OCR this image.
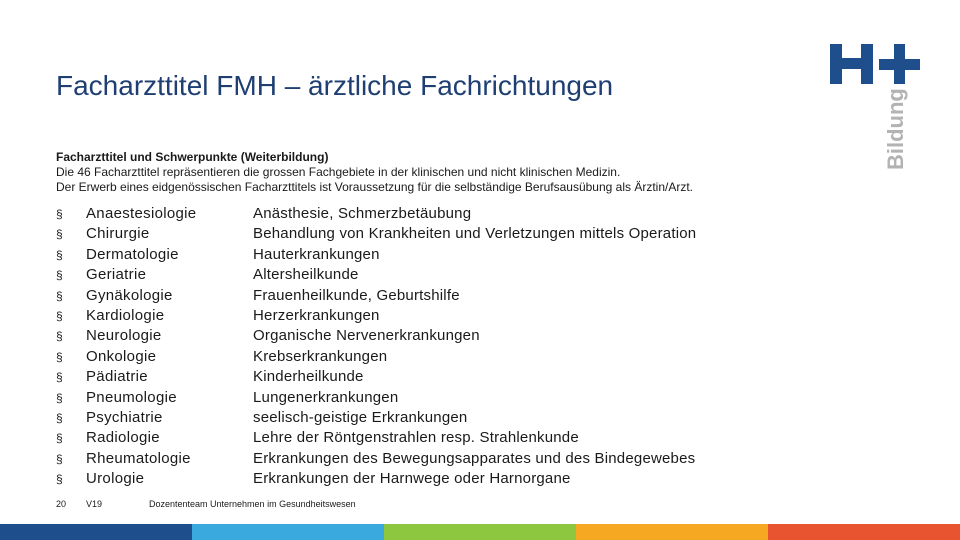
Facharzttitel FMH – ärztliche Fachrichtungen
Bildung
Facharzttitel und Schwerpunkte (Weiterbildung)
Die 46 Facharzttitel repräsentieren die grossen Fachgebiete in der klinischen und nicht klinischen Medizin.
Der Erwerb eines eidgenössischen Facharzttitels ist Voraussetzung für die selbständige Berufsausübung als Ärztin/Arzt.
§	Anaestesiologie	Anästhesie, Schmerzbetäubung
§	Chirurgie	Behandlung von Krankheiten und Verletzungen mittels Operation
§	Dermatologie	Hauterkrankungen
§	Geriatrie	Altersheilkunde
§	Gynäkologie	Frauenheilkunde, Geburtshilfe
§	Kardiologie	Herzerkrankungen
§	Neurologie	Organische Nervenerkrankungen
§	Onkologie	Krebserkrankungen
§	Pädiatrie	Kinderheilkunde
§	Pneumologie	Lungenerkrankungen
§	Psychiatrie	seelisch-geistige Erkrankungen
§	Radiologie	Lehre der Röntgenstrahlen resp. Strahlenkunde
§	Rheumatologie	Erkrankungen des Bewegungsapparates und des Bindegewebes
§	Urologie	Erkrankungen der Harnwege oder Harnorgane
20 V19	Dozententeam Unternehmen im Gesundheitswesen
